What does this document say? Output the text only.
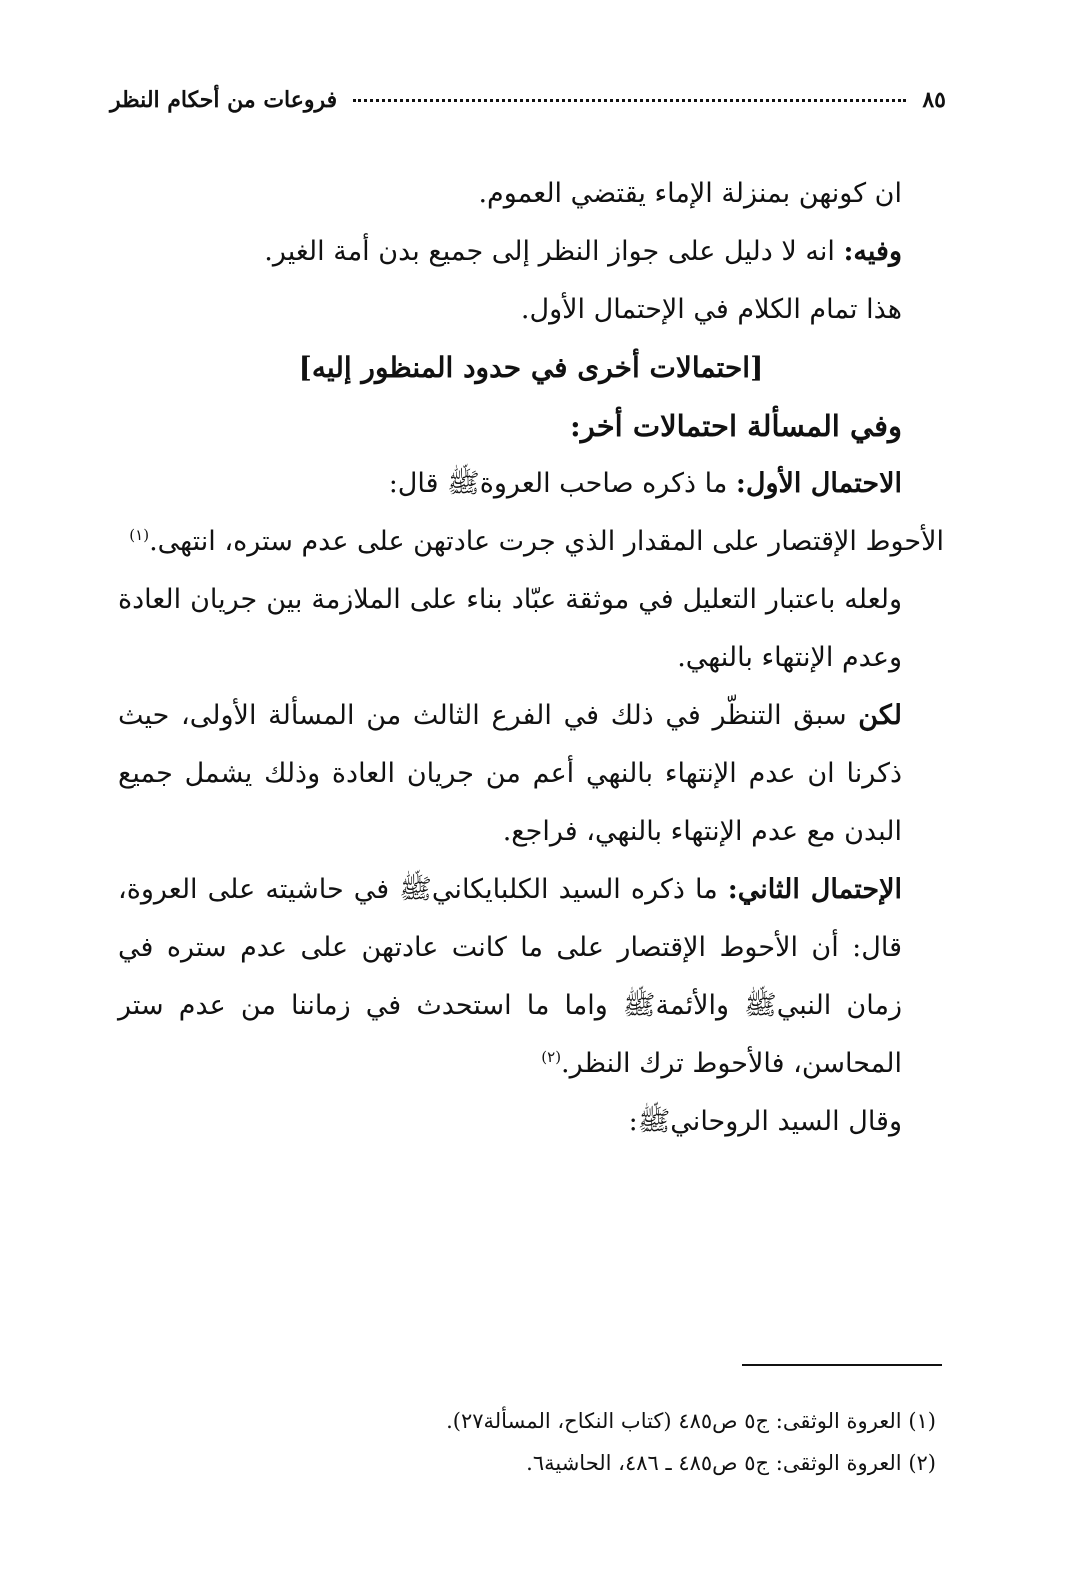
٨٥
فروعات من أحكام النظر

ان كونهن بمنزلة الإماء يقتضي العموم.

وفيه: انه لا دليل على جواز النظر إلى جميع بدن أمة الغير.

هذا تمام الكلام في الإحتمال الأول.

[احتمالات أخرى في حدود المنظور إليه]

وفي المسألة احتمالات أخر:

الاحتمال الأول: ما ذكره صاحب العروةﷺ قال:

الأحوط الإقتصار على المقدار الذي جرت عادتهن على عدم ستره، انتهى.$^{(١)}$

ولعله باعتبار التعليل في موثقة عبّاد بناء على الملازمة بين جريان العادة وعدم الإنتهاء بالنهي.

لكن سبق التنظّر في ذلك في الفرع الثالث من المسألة الأولى، حيث ذكرنا ان عدم الإنتهاء بالنهي أعم من جريان العادة وذلك يشمل جميع البدن مع عدم الإنتهاء بالنهي، فراجع.

الإحتمال الثاني: ما ذكره السيد الكلبايكانيﷺ في حاشيته على العروة، قال: أن الأحوط الإقتصار على ما كانت عادتهن على عدم ستره في زمان النبيﷺ والأئمةﷺ واما ما استحدث في زماننا من عدم ستر المحاسن، فالأحوط ترك النظر.$^{(٢)}$

وقال السيد الروحانيﷺ:

(١) العروة الوثقى: ج٥ ص٤٨٥ (كتاب النكاح، المسألة٢٧).

(٢) العروة الوثقى: ج٥ ص٤٨٥ ـ ٤٨٦، الحاشية٦.
